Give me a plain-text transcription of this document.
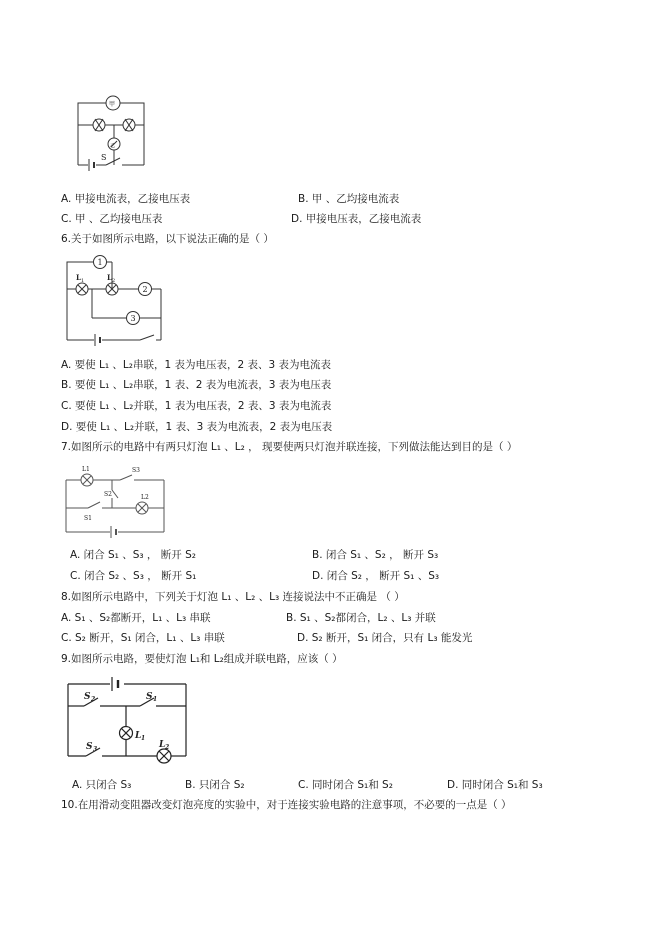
甲
乙
S
A. 甲接电流表，乙接电压表	B. 甲 、乙均接电流表
C. 甲 、乙均接电压表	D. 甲接电压表，乙接电流表
6.关于如图所示电路，以下说法正确的是（ ）
1
2
3
L 1	L 2
A. 要使 L₁ 、L₂串联，1 表为电压表，2 表、3 表为电流表
B. 要使 L₁ 、L₂串联，1 表、2 表为电流表，3 表为电压表
C. 要使 L₁ 、L₂并联，1 表为电压表，2 表、3 表为电流表
D. 要使 L₁ 、L₂并联，1 表、3 表为电流表，2 表为电压表
7.如图所示的电路中有两只灯泡 L₁ 、L₂ ， 现要使两只灯泡并联连接，下列做法能达到目的是（ ）
L1
L2
S3
S2
S1
A. 闭合 S₁ 、S₃ ， 断开 S₂	B. 闭合 S₁ 、S₂ ， 断开 S₃
C. 闭合 S₂ 、S₃ ， 断开 S₁	D. 闭合 S₂ ， 断开 S₁ 、S₃
8.如图所示电路中，下列关于灯泡 L₁ 、L₂ 、L₃ 连接说法中不正确是 （ ）
A. S₁ 、S₂都断开，L₁ 、L₃ 串联	B. S₁ 、S₂都闭合，L₂ 、L₃ 并联
C. S₂ 断开，S₁ 闭合，L₁ 、L₃ 串联	D. S₂ 断开，S₁ 闭合，只有 L₃ 能发光
9.如图所示电路，要使灯泡 L₁和 L₂组成并联电路，应该（ ）
S 2	S 1
S 3
L 1
L 2
A. 只闭合 S₃	B. 只闭合 S₂	C. 同时闭合 S₁和 S₂	D. 同时闭合 S₁和 S₃
10.在用滑动变阻器改变灯泡亮度的实验中，对于连接实验电路的注意事项，不必要的一点是（ ）
